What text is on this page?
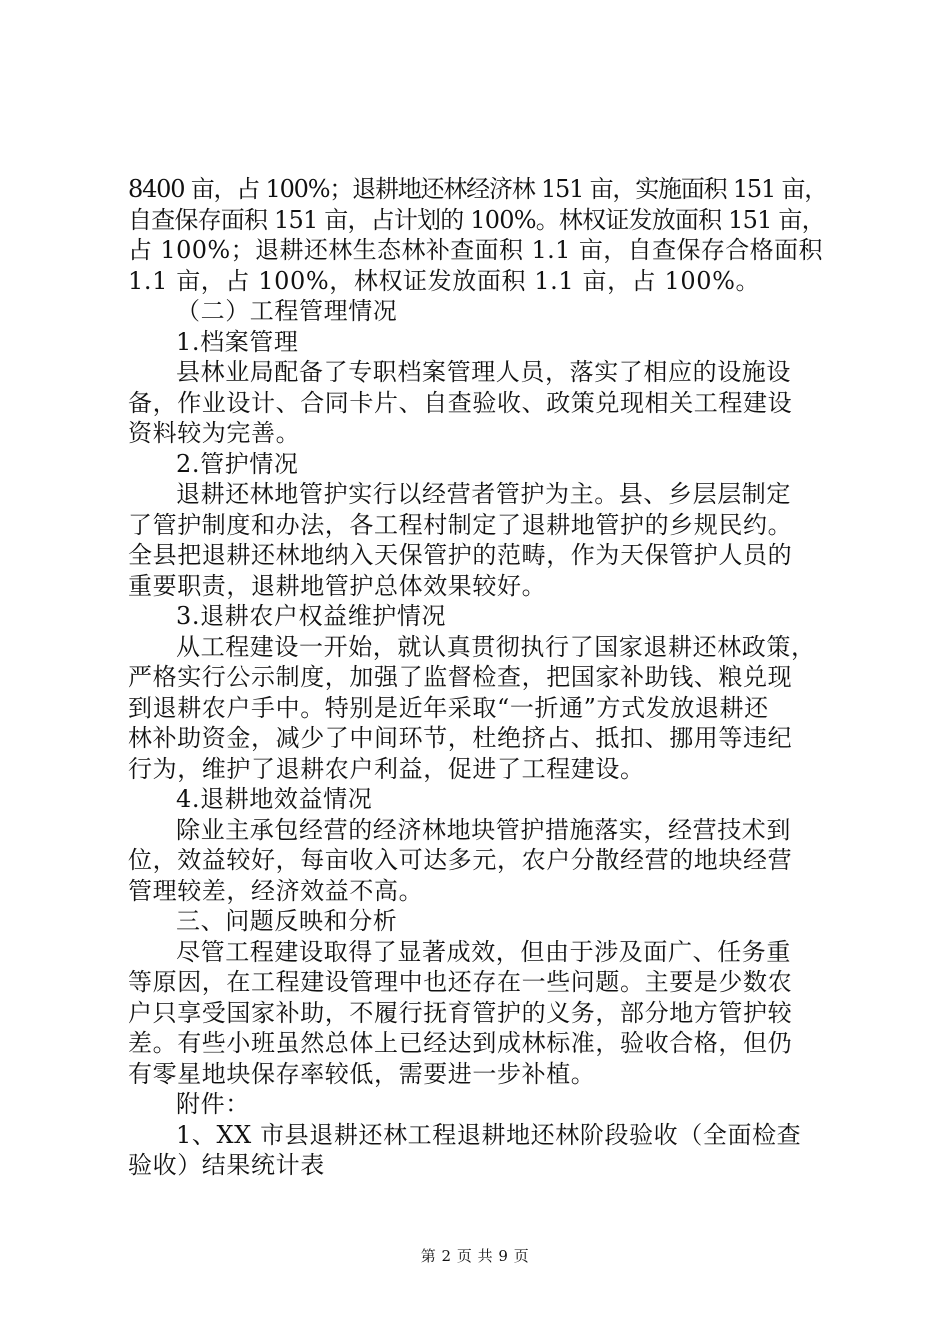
8400 亩，占 100%；退耕地还林经济林 151 亩，实施面积 151 亩，
自查保存面积 151 亩，占计划的 100%。林权证发放面积 151 亩，
占 100%；退耕还林生态林补查面积 1.1 亩，自查保存合格面积
1.1 亩，占 100%，林权证发放面积 1.1 亩，占 100%。
（二）工程管理情况
1.档案管理
县林业局配备了专职档案管理人员，落实了相应的设施设
备，作业设计、合同卡片、自查验收、政策兑现相关工程建设
资料较为完善。
2.管护情况
退耕还林地管护实行以经营者管护为主。县、乡层层制定
了管护制度和办法，各工程村制定了退耕地管护的乡规民约。
全县把退耕还林地纳入天保管护的范畴，作为天保管护人员的
重要职责，退耕地管护总体效果较好。
3.退耕农户权益维护情况
从工程建设一开始，就认真贯彻执行了国家退耕还林政策，
严格实行公示制度，加强了监督检查，把国家补助钱、粮兑现
到退耕农户手中。特别是近年采取“一折通”方式发放退耕还
林补助资金，减少了中间环节，杜绝挤占、抵扣、挪用等违纪
行为，维护了退耕农户利益，促进了工程建设。
4.退耕地效益情况
除业主承包经营的经济林地块管护措施落实，经营技术到
位，效益较好，每亩收入可达多元，农户分散经营的地块经营
管理较差，经济效益不高。
三、问题反映和分析
尽管工程建设取得了显著成效，但由于涉及面广、任务重
等原因，在工程建设管理中也还存在一些问题。主要是少数农
户只享受国家补助，不履行抚育管护的义务，部分地方管护较
差。有些小班虽然总体上已经达到成林标准，验收合格，但仍
有零星地块保存率较低，需要进一步补植。
附件：
1、XX 市县退耕还林工程退耕地还林阶段验收（全面检查
验收）结果统计表
第 2 页 共 9 页
